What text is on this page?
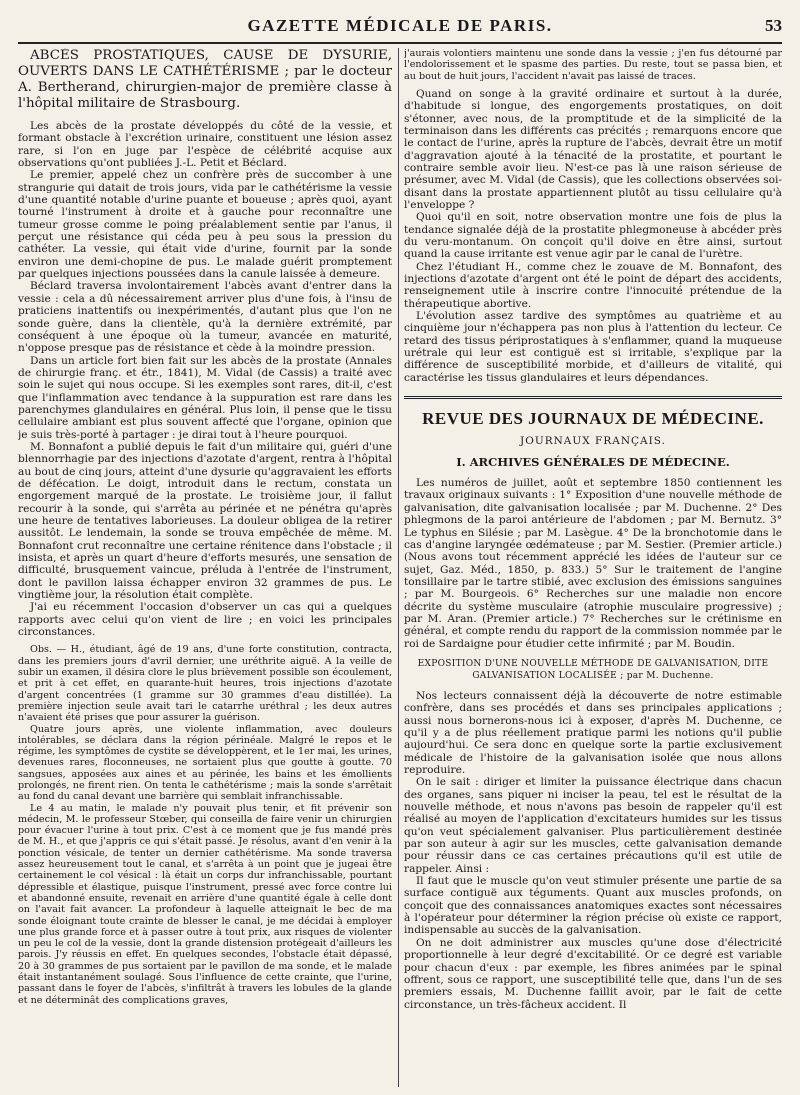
GAZETTE MÉDICALE DE PARIS.	53

ABCÈS PROSTATIQUES, CAUSE DE DYSURIE, OUVERTS DANS LE CATHÉTÉRISME ; par le docteur A. Bertherand, chirurgien-major de première classe à l'hôpital militaire de Strasbourg.

Les abcès de la prostate développés du côté de la vessie, et formant obstacle à l'excrétion urinaire, constituent une lésion assez rare, si l'on en juge par l'espèce de célébrité acquise aux observations qu'ont publiées J.-L. Petit et Béclard.

Le premier, appelé chez un confrère près de succomber à une strangurie qui datait de trois jours, vida par le cathétérisme la vessie d'une quantité notable d'urine puante et boueuse ; après quoi, ayant tourné l'instrument à droite et à gauche pour reconnaître une tumeur grosse comme le poing préalablement sentie par l'anus, il perçut une résistance qui céda peu à peu sous la pression du cathéter. La vessie, qui était vide d'urine, fournit par la sonde environ une demi-chopine de pus. Le malade guérit promptement par quelques injections poussées dans la canule laissée à demeure.

Béclard traversa involontairement l'abcès avant d'entrer dans la vessie : cela a dû nécessairement arriver plus d'une fois, à l'insu de praticiens inattentifs ou inexpérimentés, d'autant plus que l'on ne sonde guère, dans la clientèle, qu'à la dernière extrémité, par conséquent à une époque où la tumeur, avancée en maturité, n'oppose presque pas de résistance et cède à la moindre pression.

Dans un article fort bien fait sur les abcès de la prostate (Annales de chirurgie franç. et étr., 1841), M. Vidal (de Cassis) a traité avec soin le sujet qui nous occupe. Si les exemples sont rares, dit-il, c'est que l'inflammation avec tendance à la suppuration est rare dans les parenchymes glandulaires en général. Plus loin, il pense que le tissu cellulaire ambiant est plus souvent affecté que l'organe, opinion que je suis très-porté à partager : je dirai tout à l'heure pourquoi.

M. Bonnafont a publié depuis le fait d'un militaire qui, guéri d'une blennorrhagie par des injections d'azotate d'argent, rentra à l'hôpital au bout de cinq jours, atteint d'une dysurie qu'aggravaient les efforts de défécation. Le doigt, introduit dans le rectum, constata un engorgement marqué de la prostate. Le troisième jour, il fallut recourir à la sonde, qui s'arrêta au périnée et ne pénétra qu'après une heure de tentatives laborieuses. La douleur obligea de la retirer aussitôt. Le lendemain, la sonde se trouva empêchée de même. M. Bonnafont crut reconnaître une certaine rénitence dans l'obstacle ; il insista, et après un quart d'heure d'efforts mesurés, une sensation de difficulté, brusquement vaincue, préluda à l'entrée de l'instrument, dont le pavillon laissa échapper environ 32 grammes de pus. Le vingtième jour, la résolution était complète.

J'ai eu récemment l'occasion d'observer un cas qui a quelques rapports avec celui qu'on vient de lire ; en voici les principales circonstances.

Obs. — H., étudiant, âgé de 19 ans, d'une forte constitution, contracta, dans les premiers jours d'avril dernier, une uréthrite aiguë. A la veille de subir un examen, il désira clore le plus brièvement possible son écoulement, et prit à cet effet, en quarante-huit heures, trois injections d'azotate d'argent concentrées (1 gramme sur 30 grammes d'eau distillée). La première injection seule avait tari le catarrhe uréthral ; les deux autres n'avaient été prises que pour assurer la guérison.

Quatre jours après, une violente inflammation, avec douleurs intolérables, se déclara dans la région périnéale. Malgré le repos et le régime, les symptômes de cystite se développèrent, et le 1er mai, les urines, devenues rares, floconneuses, ne sortaient plus que goutte à goutte. 70 sangsues, apposées aux aines et au périnée, les bains et les émollients prolongés, ne firent rien. On tenta le cathétérisme ; mais la sonde s'arrêtait au fond du canal devant une barrière qui semblait infranchissable.

Le 4 au matin, le malade n'y pouvait plus tenir, et fit prévenir son médecin, M. le professeur Stœber, qui conseilla de faire venir un chirurgien pour évacuer l'urine à tout prix. C'est à ce moment que je fus mandé près de M. H., et que j'appris ce qui s'était passé. Je résolus, avant d'en venir à la ponction vésicale, de tenter un dernier cathétérisme. Ma sonde traversa assez heureusement tout le canal, et s'arrêta à un point que je jugeai être certainement le col vésical : là était un corps dur infranchissable, pourtant dépressible et élastique, puisque l'instrument, pressé avec force contre lui et abandonné ensuite, revenait en arrière d'une quantité égale à celle dont on l'avait fait avancer. La profondeur à laquelle atteignait le bec de ma sonde éloignant toute crainte de blesser le canal, je me décidai à employer une plus grande force et à passer outre à tout prix, aux risques de violenter un peu le col de la vessie, dont la grande distension protégeait d'ailleurs les parois. J'y réussis en effet. En quelques secondes, l'obstacle était dépassé, 20 à 30 grammes de pus sortaient par le pavillon de ma sonde, et le malade était instantanément soulagé. Sous l'influence de cette crainte, que l'urine, passant dans le foyer de l'abcès, s'infiltrât à travers les lobules de la glande et ne déterminât des complications graves,

j'aurais volontiers maintenu une sonde dans la vessie ; j'en fus détourné par l'endolorissement et le spasme des parties. Du reste, tout se passa bien, et au bout de huit jours, l'accident n'avait pas laissé de traces.

Quand on songe à la gravité ordinaire et surtout à la durée, d'habitude si longue, des engorgements prostatiques, on doit s'étonner, avec nous, de la promptitude et de la simplicité de la terminaison dans les différents cas précités ; remarquons encore que le contact de l'urine, après la rupture de l'abcès, devrait être un motif d'aggravation ajouté à la ténacité de la prostatite, et pourtant le contraire semble avoir lieu. N'est-ce pas là une raison sérieuse de présumer, avec M. Vidal (de Cassis), que les collections observées soi-disant dans la prostate appartiennent plutôt au tissu cellulaire qu'à l'enveloppe ?

Quoi qu'il en soit, notre observation montre une fois de plus la tendance signalée déjà de la prostatite phlegmoneuse à abcéder près du veru-montanum. On conçoit qu'il doive en être ainsi, surtout quand la cause irritante est venue agir par le canal de l'urètre.

Chez l'étudiant H., comme chez le zouave de M. Bonnafont, des injections d'azotate d'argent ont été le point de départ des accidents, renseignement utile à inscrire contre l'innocuité prétendue de la thérapeutique abortive.

L'évolution assez tardive des symptômes au quatrième et au cinquième jour n'échappera pas non plus à l'attention du lecteur. Ce retard des tissus périprostatiques à s'enflammer, quand la muqueuse urétrale qui leur est contiguë est si irritable, s'explique par la différence de susceptibilité morbide, et d'ailleurs de vitalité, qui caractérise les tissus glandulaires et leurs dépendances.

REVUE DES JOURNAUX DE MÉDECINE.
JOURNAUX FRANÇAIS.
I. ARCHIVES GÉNÉRALES DE MÉDECINE.

Les numéros de juillet, août et septembre 1850 contiennent les travaux originaux suivants : 1° Exposition d'une nouvelle méthode de galvanisation, dite galvanisation localisée ; par M. Duchenne. 2° Des phlegmons de la paroi antérieure de l'abdomen ; par M. Bernutz. 3° Le typhus en Silésie ; par M. Lasègue. 4° De la bronchotomie dans le cas d'angine laryngée œdémateuse ; par M. Sestier. (Premier article.) (Nous avons tout récemment apprécié les idées de l'auteur sur ce sujet, Gaz. Méd., 1850, p. 833.) 5° Sur le traitement de l'angine tonsillaire par le tartre stibié, avec exclusion des émissions sanguines ; par M. Bourgeois. 6° Recherches sur une maladie non encore décrite du système musculaire (atrophie musculaire progressive) ; par M. Aran. (Premier article.) 7° Recherches sur le crétinisme en général, et compte rendu du rapport de la commission nommée par le roi de Sardaigne pour étudier cette infirmité ; par M. Boudin.

EXPOSITION D'UNE NOUVELLE MÉTHODE DE GALVANISATION, DITE GALVANISATION LOCALISÉE ; par M. Duchenne.

Nos lecteurs connaissent déjà la découverte de notre estimable confrère, dans ses procédés et dans ses principales applications ; aussi nous bornerons-nous ici à exposer, d'après M. Duchenne, ce qu'il y a de plus réellement pratique parmi les notions qu'il publie aujourd'hui. Ce sera donc en quelque sorte la partie exclusivement médicale de l'histoire de la galvanisation isolée que nous allons reproduire.

On le sait : diriger et limiter la puissance électrique dans chacun des organes, sans piquer ni inciser la peau, tel est le résultat de la nouvelle méthode, et nous n'avons pas besoin de rappeler qu'il est réalisé au moyen de l'application d'excitateurs humides sur les tissus qu'on veut spécialement galvaniser. Plus particulièrement destinée par son auteur à agir sur les muscles, cette galvanisation demande pour réussir dans ce cas certaines précautions qu'il est utile de rappeler. Ainsi :

Il faut que le muscle qu'on veut stimuler présente une partie de sa surface contiguë aux téguments. Quant aux muscles profonds, on conçoit que des connaissances anatomiques exactes sont nécessaires à l'opérateur pour déterminer la région précise où existe ce rapport, indispensable au succès de la galvanisation.

On ne doit administrer aux muscles qu'une dose d'électricité proportionnelle à leur degré d'excitabilité. Or ce degré est variable pour chacun d'eux : par exemple, les fibres animées par le spinal offrent, sous ce rapport, une susceptibilité telle que, dans l'un de ses premiers essais, M. Duchenne faillit avoir, par le fait de cette circonstance, un très-fâcheux accident. Il
